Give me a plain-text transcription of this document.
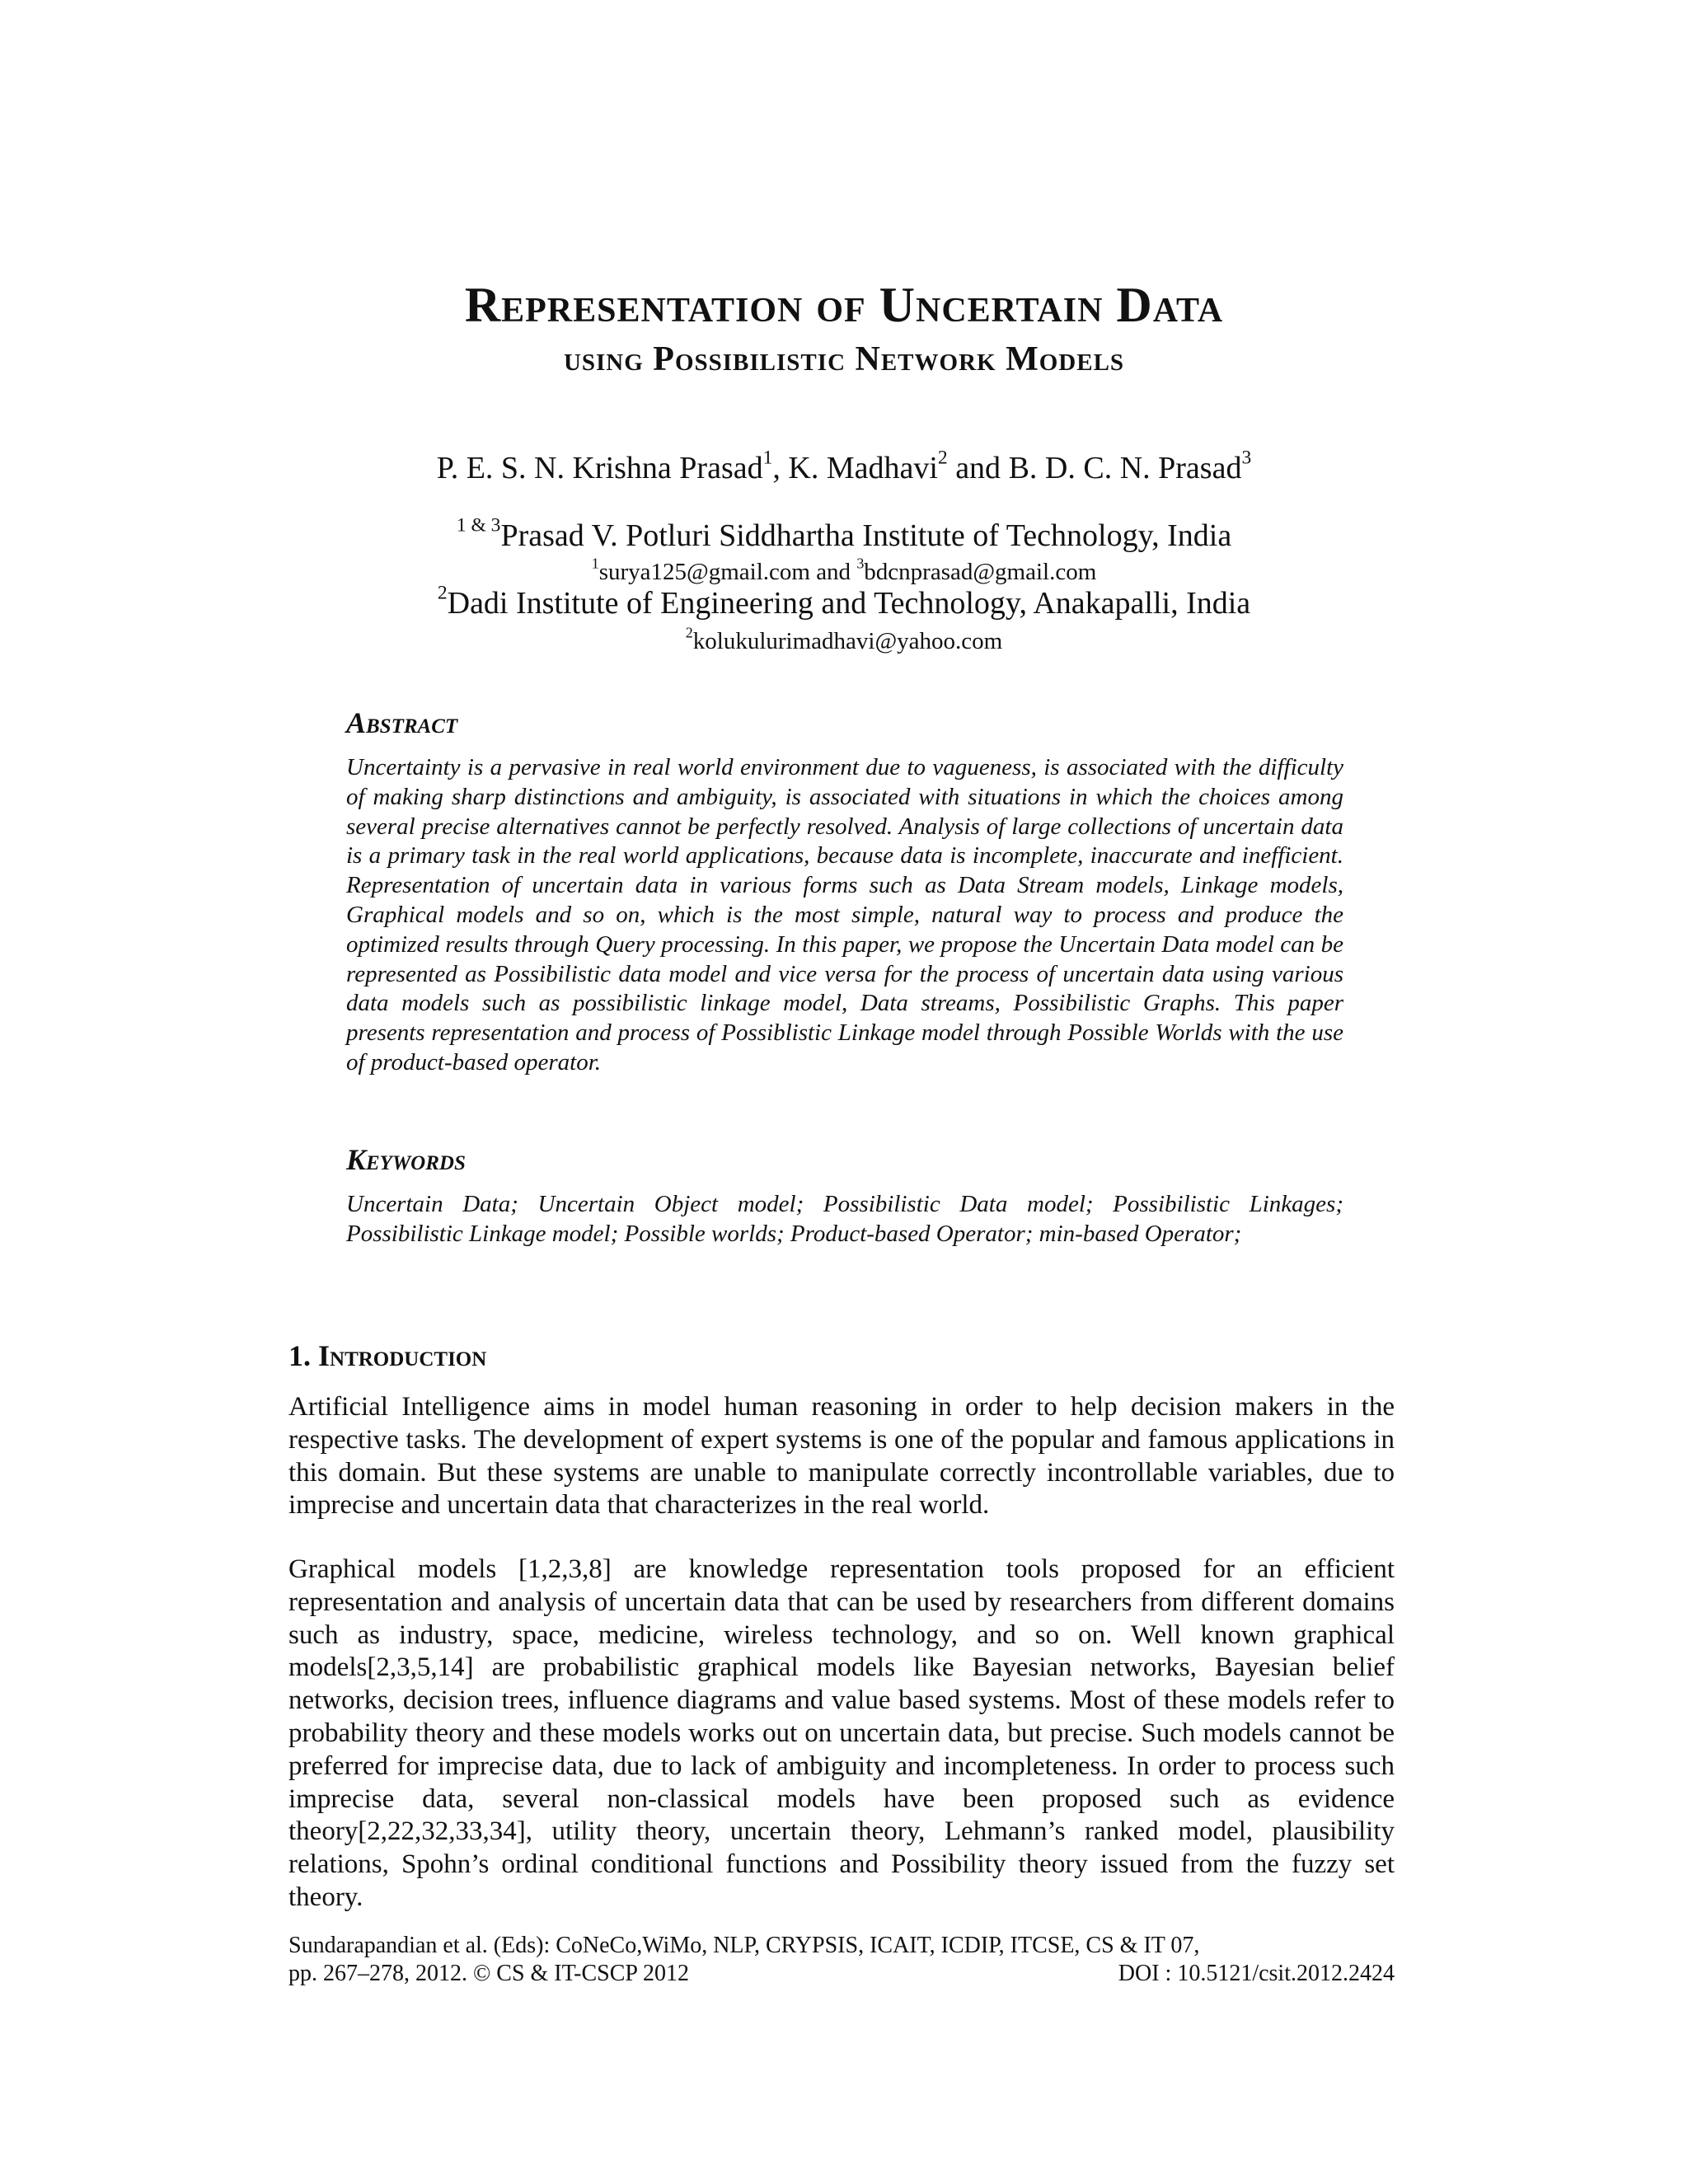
Representation of Uncertain Data
using Possibilistic Network Models
P. E. S. N. Krishna Prasad$^1$, K. Madhavi$^2$ and B. D. C. N. Prasad$^3$
$^{1 \& 3}$Prasad V. Potluri Siddhartha Institute of Technology, India
$^1$surya125@gmail.com and $^3$bdcnprasad@gmail.com
$^2$Dadi Institute of Engineering and Technology, Anakapalli, India
$^2$kolukulurimadhavi@yahoo.com
Abstract

Uncertainty is a pervasive in real world environment due to vagueness, is associated with the difficulty of making sharp distinctions and ambiguity, is associated with situations in which the choices among several precise alternatives cannot be perfectly resolved. Analysis of large collections of uncertain data is a primary task in the real world applications, because data is incomplete, inaccurate and inefficient. Representation of uncertain data in various forms such as Data Stream models, Linkage models, Graphical models and so on, which is the most simple, natural way to process and produce the optimized results through Query processing. In this paper, we propose the Uncertain Data model can be represented as Possibilistic data model and vice versa for the process of uncertain data using various data models such as possibilistic linkage model, Data streams, Possibilistic Graphs. This paper presents representation and process of Possiblistic Linkage model through Possible Worlds with the use of product-based operator.

Keywords

Uncertain Data; Uncertain Object model; Possibilistic Data model; Possibilistic Linkages; Possibilistic Linkage model; Possible worlds; Product-based Operator; min-based Operator;

1. Introduction

Artificial Intelligence aims in model human reasoning in order to help decision makers in the respective tasks. The development of expert systems is one of the popular and famous applications in this domain. But these systems are unable to manipulate correctly incontrollable variables, due to imprecise and uncertain data that characterizes in the real world.

Graphical models [1,2,3,8] are knowledge representation tools proposed for an efficient representation and analysis of uncertain data that can be used by researchers from different domains such as industry, space, medicine, wireless technology, and so on. Well known graphical models[2,3,5,14] are probabilistic graphical models like Bayesian networks, Bayesian belief networks, decision trees, influence diagrams and value based systems. Most of these models refer to probability theory and these models works out on uncertain data, but precise. Such models cannot be preferred for imprecise data, due to lack of ambiguity and incompleteness. In order to process such imprecise data, several non-classical models have been proposed such as evidence theory[2,22,32,33,34], utility theory, uncertain theory, Lehmann’s ranked model, plausibility relations, Spohn’s ordinal conditional functions and Possibility theory issued from the fuzzy set theory.

Sundarapandian et al. (Eds): CoNeCo,WiMo, NLP, CRYPSIS, ICAIT, ICDIP, ITCSE, CS & IT 07,
pp. 267–278, 2012. © CS & IT-CSCP 2012	DOI : 10.5121/csit.2012.2424
